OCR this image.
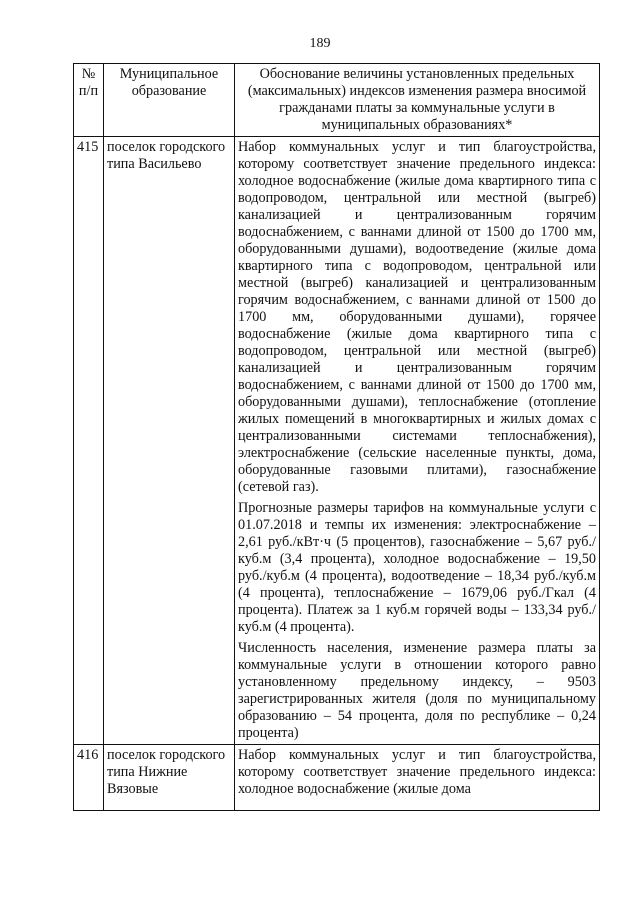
189
№ п/п	Муниципальное образование	Обоснование величины установленных предельных (максимальных) индексов изменения размера вносимой гражданами платы за коммунальные услуги в муниципальных образованиях*
415	поселок городского типа Васильево	Набор коммунальных услуг и тип благоустройства, которому соответствует значение предельного индекса: холодное водоснабжение (жилые дома квартирного типа с водопроводом, центральной или местной (выгреб) канализацией и централизованным горячим водоснабжением, с ваннами длиной от 1500 до 1700 мм, оборудованными душами), водоотведение (жилые дома квартирного типа с водопроводом, центральной или местной (выгреб) канализацией и централизованным горячим водоснабжением, с ваннами длиной от 1500 до 1700 мм, оборудованными душами), горячее водоснабжение (жилые дома квартирного типа с водопроводом, центральной или местной (выгреб) канализацией и централизованным горячим водоснабжением, с ваннами длиной от 1500 до 1700 мм, оборудованными душами), теплоснабжение (отопление жилых помещений в многоквартирных и жилых домах с централизованными системами теплоснабжения), электроснабжение (сельские населенные пункты, дома, оборудованные газовыми плитами), газоснабжение (сетевой газ).

Прогнозные размеры тарифов на коммунальные услуги с 01.07.2018 и темпы их изменения: электроснабжение – 2,61 руб./кВт·ч (5 процентов), газоснабжение – 5,67 руб./куб.м (3,4 процента), холодное водоснабжение – 19,50 руб./куб.м (4 процента), водоотведение – 18,34 руб./куб.м (4 процента), теплоснабжение – 1679,06 руб./Гкал (4 процента). Платеж за 1 куб.м горячей воды – 133,34 руб./куб.м (4 процента).

Численность населения, изменение размера платы за коммунальные услуги в отношении которого равно установленному предельному индексу, – 9503 зарегистрированных жителя (доля по муниципальному образованию – 54 процента, доля по республике – 0,24 процента)

416	поселок городского типа Нижние Вязовые	Набор коммунальных услуг и тип благоустройства, которому соответствует значение предельного индекса: холодное водоснабжение (жилые дома
